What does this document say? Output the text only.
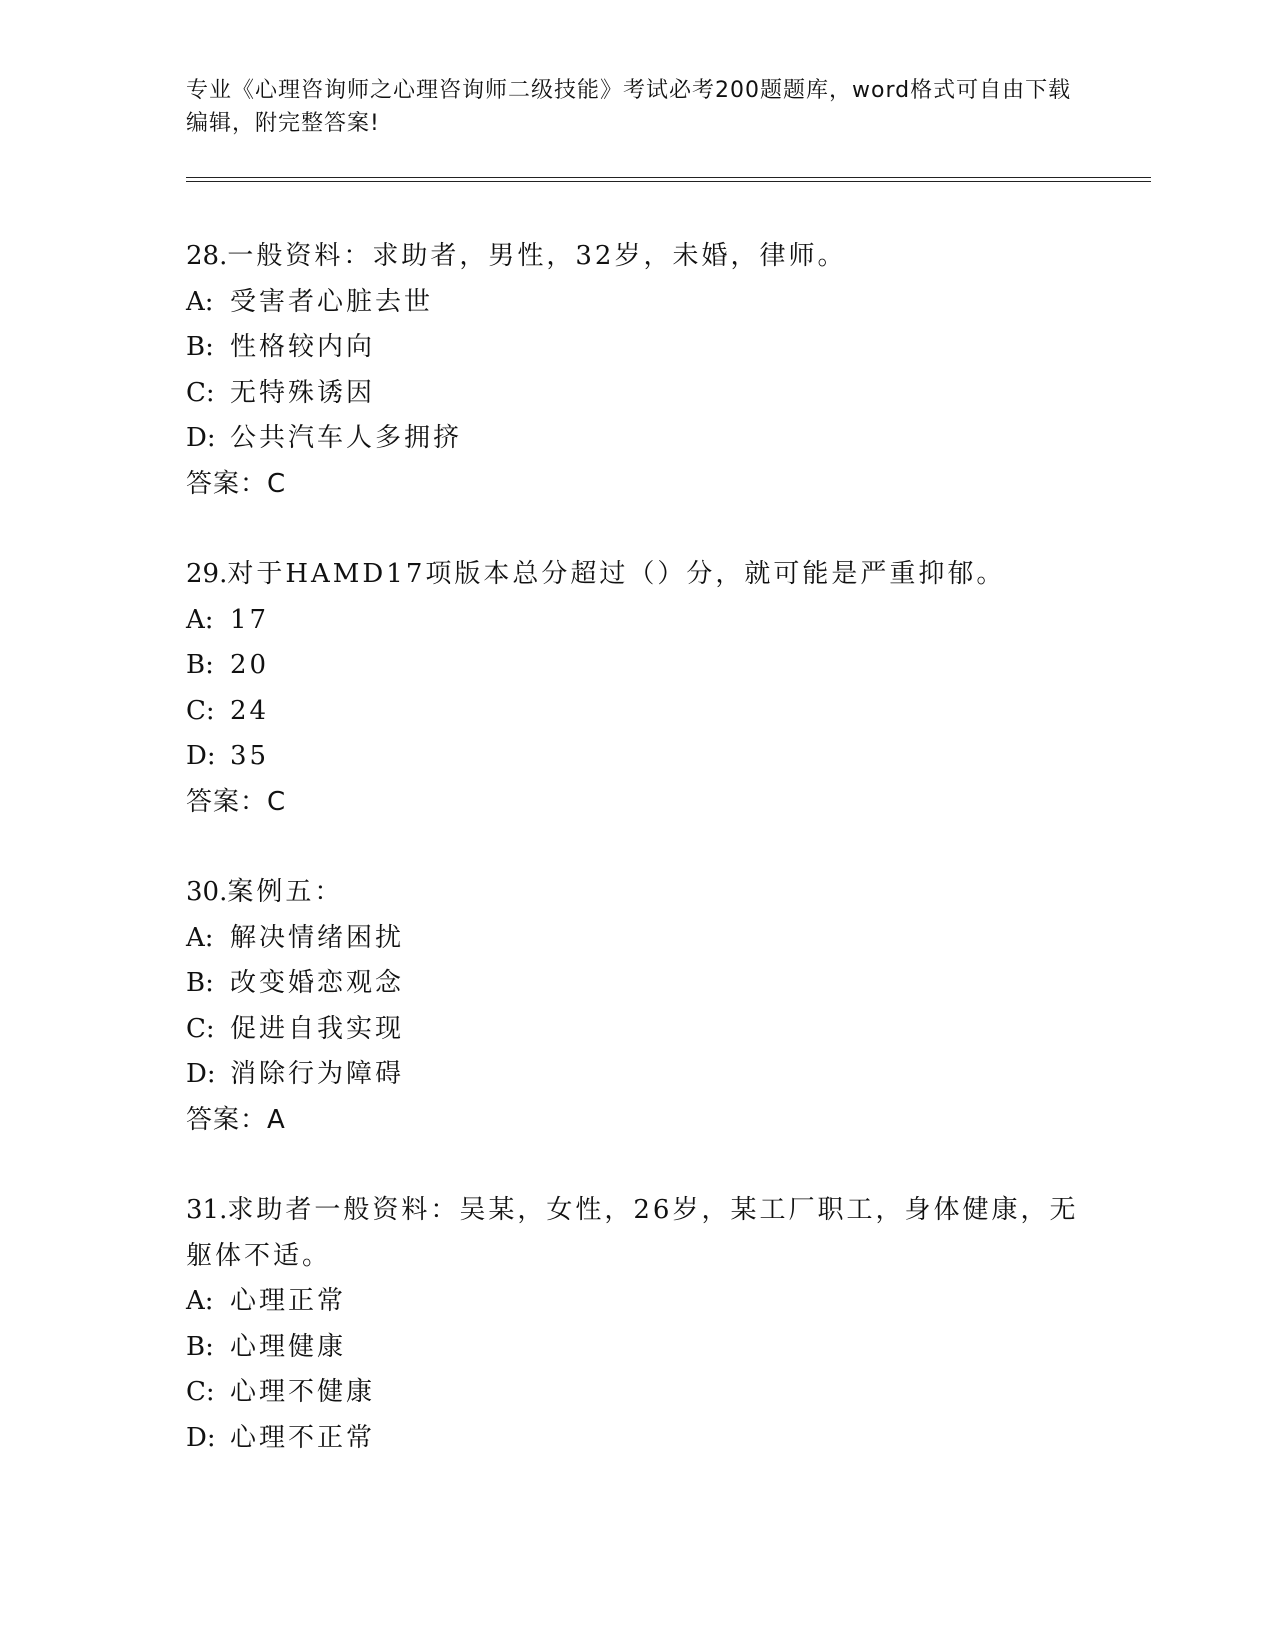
专业《心理咨询师之心理咨询师二级技能》考试必考200题题库，word格式可自由下载编辑，附完整答案!
28.一般资料：求助者，男性，32岁，未婚，律师。
A: 受害者心脏去世
B: 性格较内向
C: 无特殊诱因
D: 公共汽车人多拥挤
答案：C
29.对于HAMD17项版本总分超过（）分，就可能是严重抑郁。
A: 17
B: 20
C: 24
D: 35
答案：C
30.案例五：
A: 解决情绪困扰
B: 改变婚恋观念
C: 促进自我实现
D: 消除行为障碍
答案：A
31.求助者一般资料：吴某，女性，26岁，某工厂职工，身体健康，无躯体不适。
A: 心理正常
B: 心理健康
C: 心理不健康
D: 心理不正常
